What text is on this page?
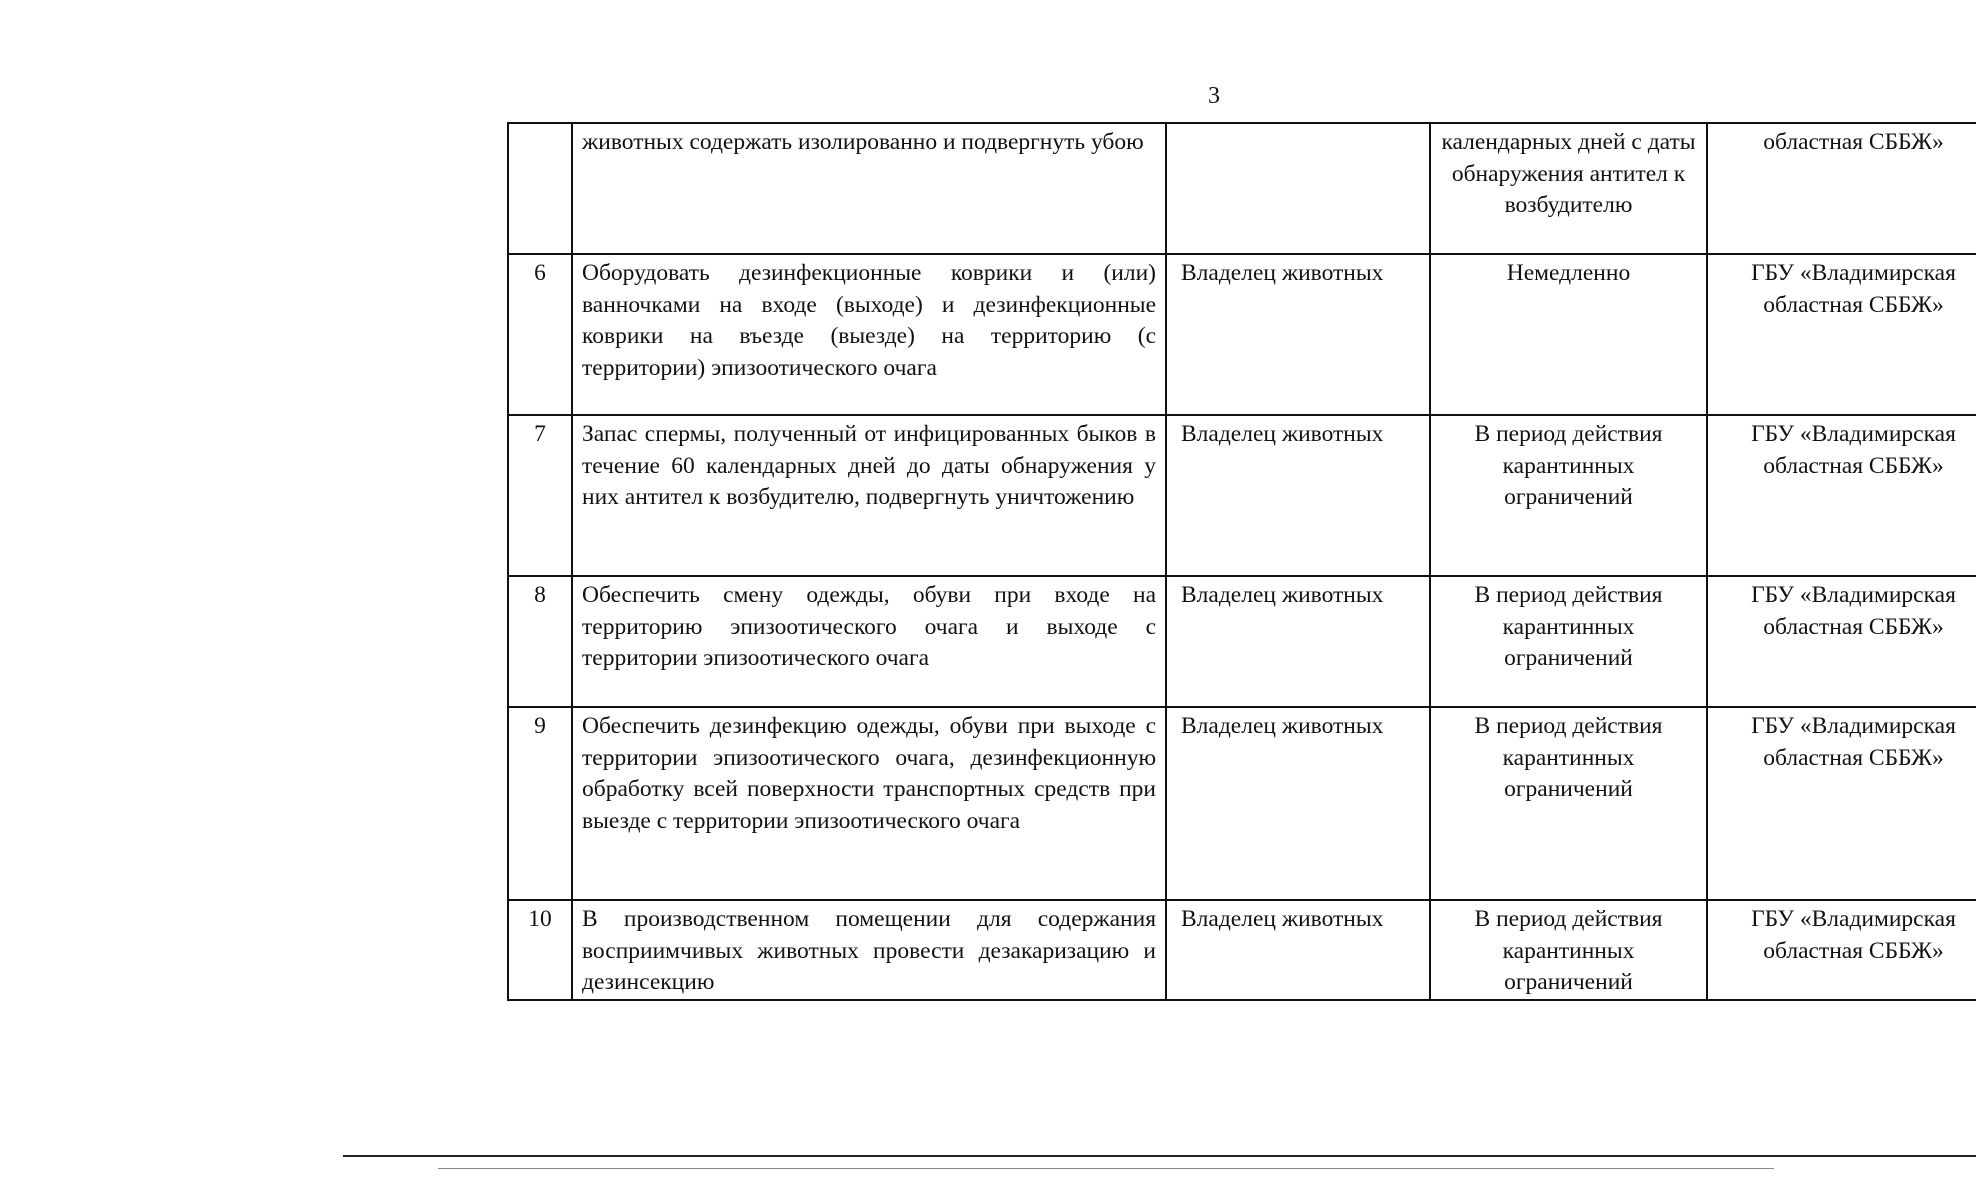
3
	животных содержать изолированно и подвергнуть убою		календарных дней с даты обнаружения антител к возбудителю	областная СББЖ»
6	Оборудовать дезинфекционные коврики и (или) ванночками на входе (выходе) и дезинфекционные коврики на въезде (выезде) на территорию (с территории) эпизоотического очага	Владелец животных	Немедленно	ГБУ «Владимирская областная СББЖ»
7	Запас спермы, полученный от инфицированных быков в течение 60 календарных дней до даты обнаружения у них антител к возбудителю, подвергнуть уничтожению	Владелец животных	В период действия карантинных ограничений	ГБУ «Владимирская областная СББЖ»
8	Обеспечить смену одежды, обуви при входе на территорию эпизоотического очага и выходе с территории эпизоотического очага	Владелец животных	В период действия карантинных ограничений	ГБУ «Владимирская областная СББЖ»
9	Обеспечить дезинфекцию одежды, обуви при выходе с территории эпизоотического очага, дезинфекционную обработку всей поверхности транспортных средств при выезде с территории эпизоотического очага	Владелец животных	В период действия карантинных ограничений	ГБУ «Владимирская областная СББЖ»
10	В производственном помещении для содержания восприимчивых животных провести дезакаризацию и дезинсекцию	Владелец животных	В период действия карантинных ограничений	ГБУ «Владимирская областная СББЖ»
